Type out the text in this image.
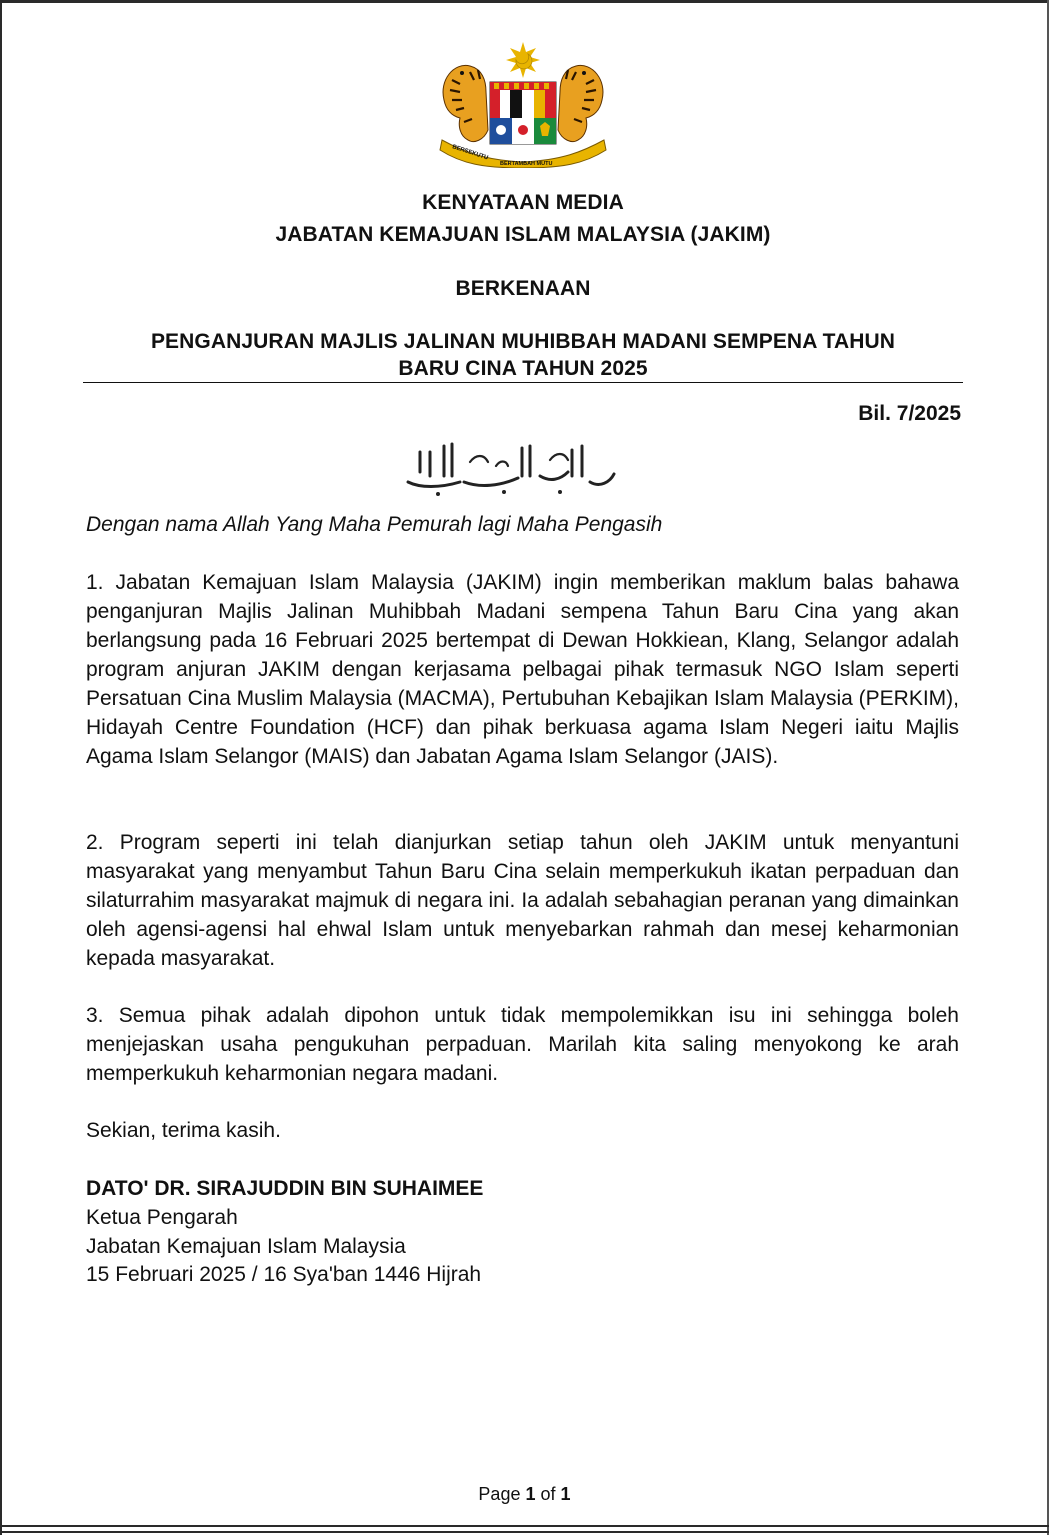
BERSEKUTU
BERTAMBAH MUTU
KENYATAAN MEDIA
JABATAN KEMAJUAN ISLAM MALAYSIA (JAKIM)
BERKENAAN
PENGANJURAN MAJLIS JALINAN MUHIBBAH MADANI SEMPENA TAHUN
BARU CINA TAHUN 2025
Bil. 7/2025
بِسْمِ اللهِ الرَّحْمٰنِ الرَّحِيْمِ
Dengan nama Allah Yang Maha Pemurah lagi Maha Pengasih
1. Jabatan Kemajuan Islam Malaysia (JAKIM) ingin memberikan maklum balas bahawa penganjuran Majlis Jalinan Muhibbah Madani sempena Tahun Baru Cina yang akan berlangsung pada 16 Februari 2025 bertempat di Dewan Hokkiean, Klang, Selangor adalah program anjuran JAKIM dengan kerjasama pelbagai pihak termasuk NGO Islam seperti Persatuan Cina Muslim Malaysia (MACMA), Pertubuhan Kebajikan Islam Malaysia (PERKIM), Hidayah Centre Foundation (HCF) dan pihak berkuasa agama Islam Negeri iaitu Majlis Agama Islam Selangor (MAIS) dan Jabatan Agama Islam Selangor (JAIS).
2. Program seperti ini telah dianjurkan setiap tahun oleh JAKIM untuk menyantuni masyarakat yang menyambut Tahun Baru Cina selain memperkukuh ikatan perpaduan dan silaturrahim masyarakat majmuk di negara ini. Ia adalah sebahagian peranan yang dimainkan oleh agensi-agensi hal ehwal Islam untuk menyebarkan rahmah dan mesej keharmonian kepada masyarakat.
3. Semua pihak adalah dipohon untuk tidak mempolemikkan isu ini sehingga boleh menjejaskan usaha pengukuhan perpaduan. Marilah kita saling menyokong ke arah memperkukuh keharmonian negara madani.
Sekian, terima kasih.
DATO' DR. SIRAJUDDIN BIN SUHAIMEE
Ketua Pengarah
Jabatan Kemajuan Islam Malaysia
15 Februari 2025 / 16 Sya'ban 1446 Hijrah
Page 1 of 1
